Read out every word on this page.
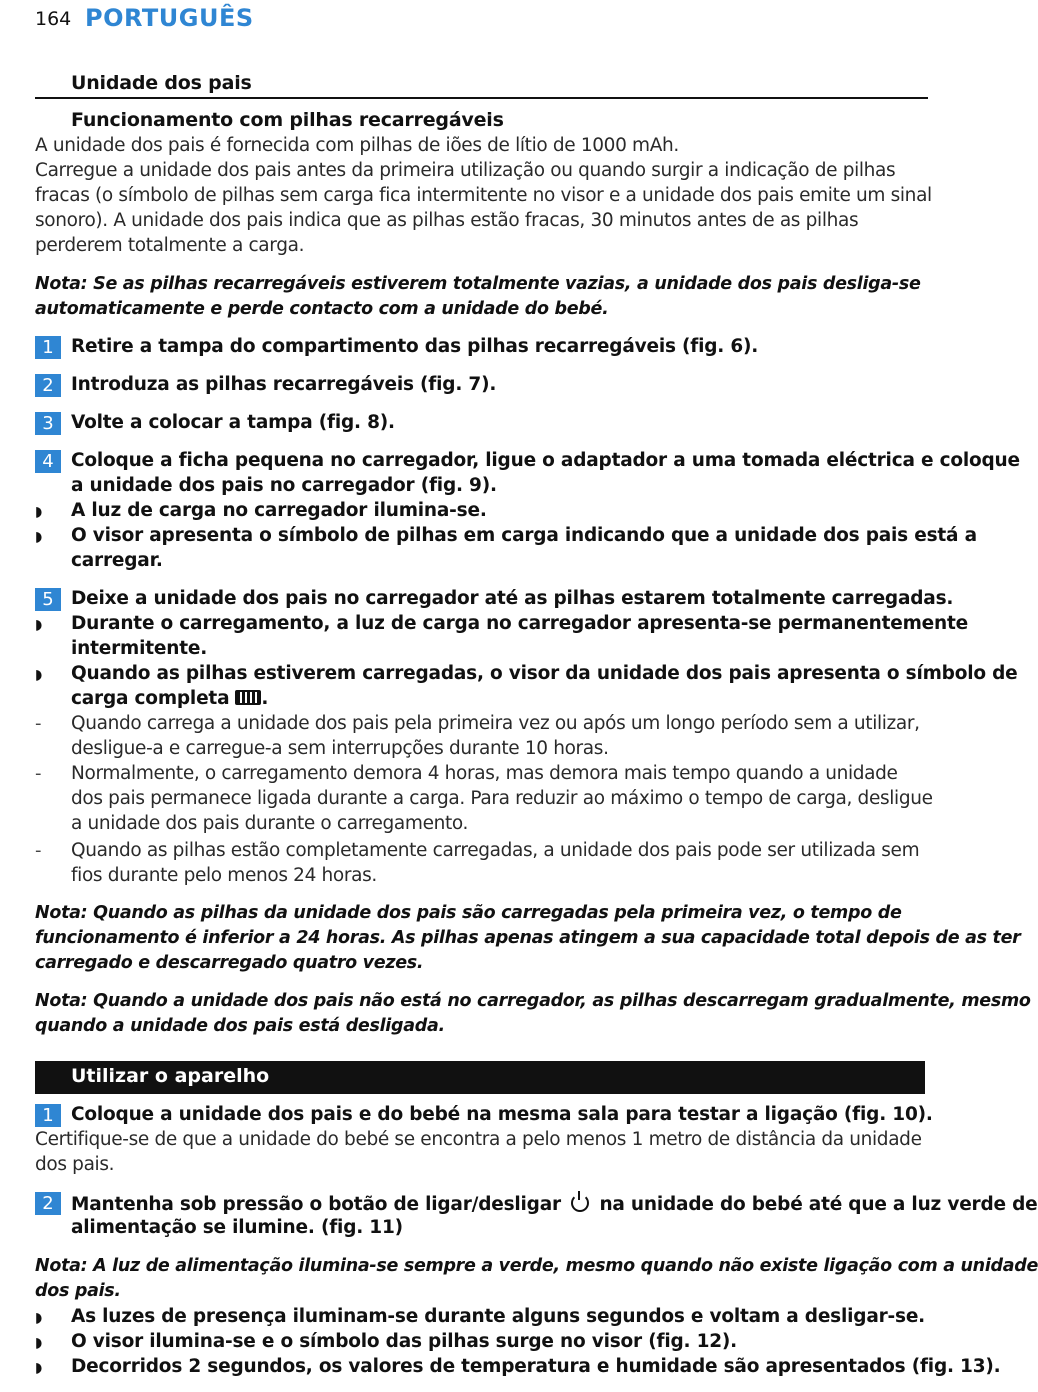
164 PORTUGUÊS
Unidade dos pais
Funcionamento com pilhas recarregáveis
A unidade dos pais é fornecida com pilhas de iões de lítio de 1000 mAh.
Carregue a unidade dos pais antes da primeira utilização ou quando surgir a indicação de pilhas
fracas (o símbolo de pilhas sem carga fica intermitente no visor e a unidade dos pais emite um sinal
sonoro). A unidade dos pais indica que as pilhas estão fracas, 30 minutos antes de as pilhas
perderem totalmente a carga.
Nota: Se as pilhas recarregáveis estiverem totalmente vazias, a unidade dos pais desliga-se
automaticamente e perde contacto com a unidade do bebé.
1 Retire a tampa do compartimento das pilhas recarregáveis (fig. 6).
2 Introduza as pilhas recarregáveis (fig. 7).
3 Volte a colocar a tampa (fig. 8).
4 Coloque a ficha pequena no carregador, ligue o adaptador a uma tomada eléctrica e coloque
a unidade dos pais no carregador (fig. 9).
◗ A luz de carga no carregador ilumina-se.
◗ O visor apresenta o símbolo de pilhas em carga indicando que a unidade dos pais está a
carregar.
5 Deixe a unidade dos pais no carregador até as pilhas estarem totalmente carregadas.
◗ Durante o carregamento, a luz de carga no carregador apresenta-se permanentemente
intermitente.
◗ Quando as pilhas estiverem carregadas, o visor da unidade dos pais apresenta o símbolo de
carga completa .
- Quando carrega a unidade dos pais pela primeira vez ou após um longo período sem a utilizar,
desligue-a e carregue-a sem interrupções durante 10 horas.
- Normalmente, o carregamento demora 4 horas, mas demora mais tempo quando a unidade
dos pais permanece ligada durante a carga. Para reduzir ao máximo o tempo de carga, desligue
a unidade dos pais durante o carregamento.
- Quando as pilhas estão completamente carregadas, a unidade dos pais pode ser utilizada sem
fios durante pelo menos 24 horas.
Nota: Quando as pilhas da unidade dos pais são carregadas pela primeira vez, o tempo de
funcionamento é inferior a 24 horas. As pilhas apenas atingem a sua capacidade total depois de as ter
carregado e descarregado quatro vezes.
Nota: Quando a unidade dos pais não está no carregador, as pilhas descarregam gradualmente, mesmo
quando a unidade dos pais está desligada.
Utilizar o aparelho
1 Coloque a unidade dos pais e do bebé na mesma sala para testar a ligação (fig. 10).
Certifique-se de que a unidade do bebé se encontra a pelo menos 1 metro de distância da unidade
dos pais.
2 Mantenha sob pressão o botão de ligar/desligar na unidade do bebé até que a luz verde de
alimentação se ilumine. (fig. 11)
Nota: A luz de alimentação ilumina-se sempre a verde, mesmo quando não existe ligação com a unidade
dos pais.
◗ As luzes de presença iluminam-se durante alguns segundos e voltam a desligar-se.
◗ O visor ilumina-se e o símbolo das pilhas surge no visor (fig. 12).
◗ Decorridos 2 segundos, os valores de temperatura e humidade são apresentados (fig. 13).
